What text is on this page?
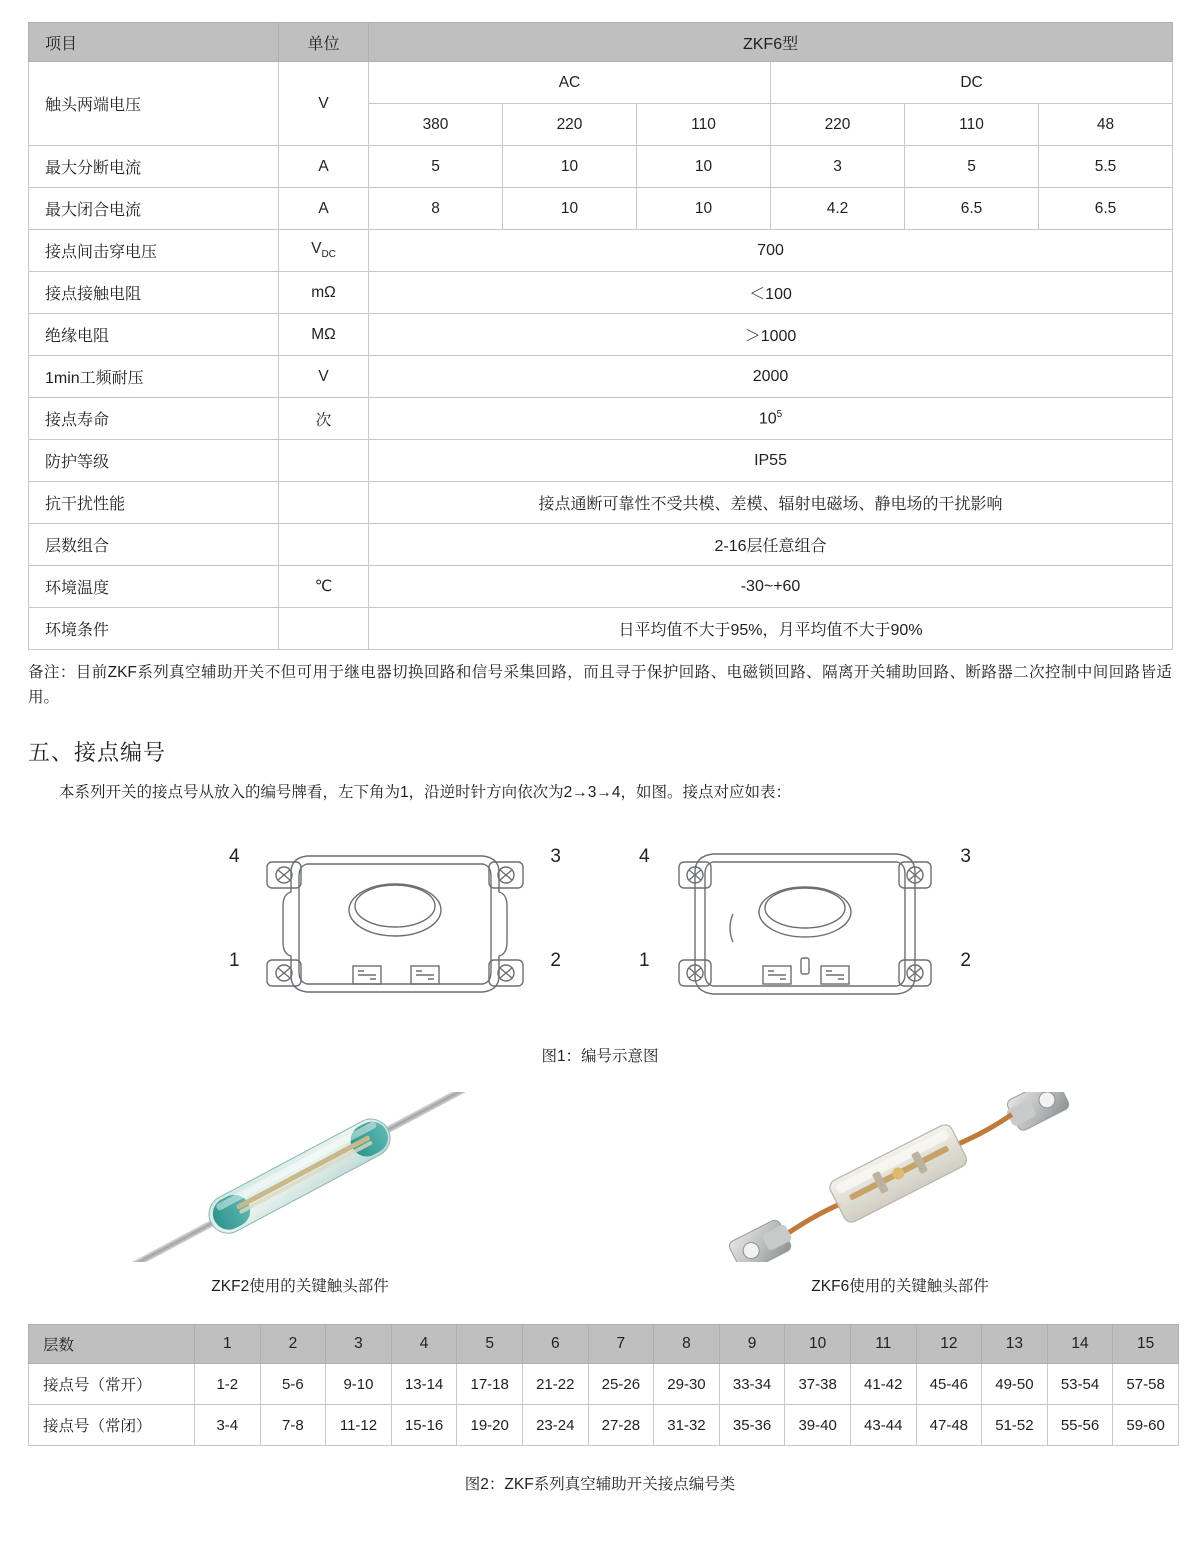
项目	单位	ZKF6型					
触头两端电压	V	AC			DC		
		380	220	110	220	110	48
最大分断电流	A	5	10	10	3	5	5.5
最大闭合电流	A	8	10	10	4.2	6.5	6.5
接点间击穿电压	$V_{DC}$	700					
接点接触电阻	mΩ	＜100					
绝缘电阻	MΩ	＞1000					
1min工频耐压	V	2000					
接点寿命	次	$10^5$
防护等级		IP55					
抗干扰性能		接点通断可靠性不受共模、差模、辐射电磁场、静电场的干扰影响					
层数组合		2-16层任意组合					
环境温度	℃	-30~+60					
环境条件		日平均值不大于95%，月平均值不大于90%					
备注：目前ZKF系列真空辅助开关不但可用于继电器切换回路和信号采集回路，而且寻于保护回路、电磁锁回路、隔离开关辅助回路、断路器二次控制中间回路皆适用。
五、接点编号
本系列开关的接点号从放入的编号牌看，左下角为1，沿逆时针方向依次为2→3→4，如图。接点对应如表：
4	3
1	2
4	3
1	2
图1：编号示意图
ZKF2使用的关键触头部件	ZKF6使用的关键触头部件
层数	1	2	3	4	5	6	7	8	9	10	11	12	13	14	15
接点号（常开）	1-2	5-6	9-10	13-14	17-18	21-22	25-26	29-30	33-34	37-38	41-42	45-46	49-50	53-54	57-58
接点号（常闭）	3-4	7-8	11-12	15-16	19-20	23-24	27-28	31-32	35-36	39-40	43-44	47-48	51-52	55-56	59-60
图2：ZKF系列真空辅助开关接点编号类
